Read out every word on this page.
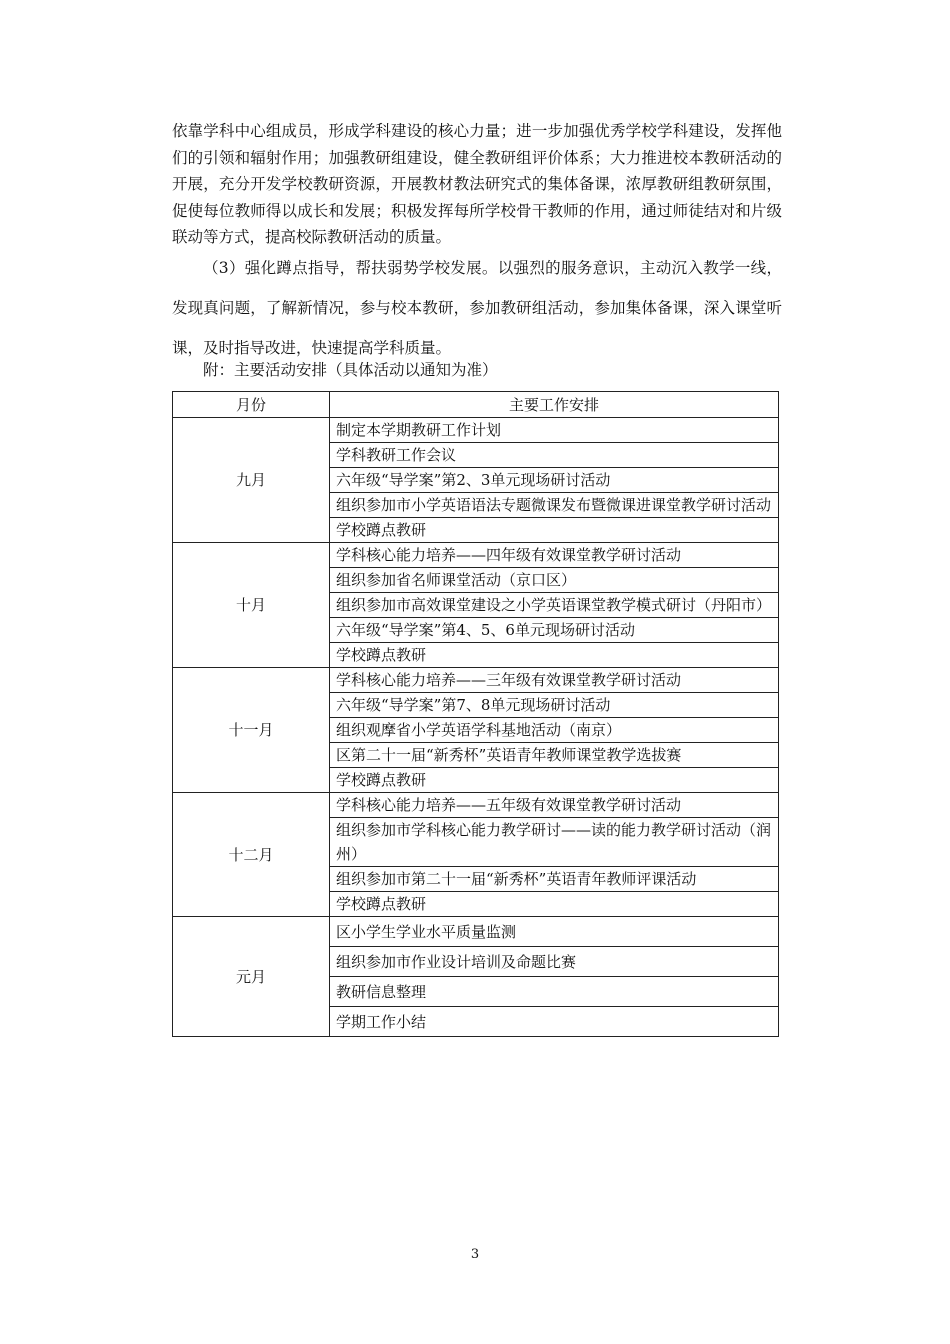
依靠学科中心组成员，形成学科建设的核心力量；进一步加强优秀学校学科建设，发挥他们的引领和辐射作用；加强教研组建设，健全教研组评价体系；大力推进校本教研活动的开展，充分开发学校教研资源，开展教材教法研究式的集体备课，浓厚教研组教研氛围，促使每位教师得以成长和发展；积极发挥每所学校骨干教师的作用，通过师徒结对和片级联动等方式，提高校际教研活动的质量。

（3）强化蹲点指导，帮扶弱势学校发展。以强烈的服务意识，主动沉入教学一线，发现真问题，了解新情况，参与校本教研，参加教研组活动，参加集体备课，深入课堂听课，及时指导改进，快速提高学科质量。

附：主要活动安排（具体活动以通知为准）
月份	主要工作安排
九月	制定本学期教研工作计划
	学科教研工作会议
	六年级“导学案”第2、3单元现场研讨活动
	组织参加市小学英语语法专题微课发布暨微课进课堂教学研讨活动
	学校蹲点教研
十月	学科核心能力培养——四年级有效课堂教学研讨活动
	组织参加省名师课堂活动（京口区）
	组织参加市高效课堂建设之小学英语课堂教学模式研讨（丹阳市）
	六年级“导学案”第4、5、6单元现场研讨活动
	学校蹲点教研
十一月	学科核心能力培养——三年级有效课堂教学研讨活动
	六年级“导学案”第7、8单元现场研讨活动
	组织观摩省小学英语学科基地活动（南京）
	区第二十一届“新秀杯”英语青年教师课堂教学选拔赛
	学校蹲点教研
十二月	学科核心能力培养——五年级有效课堂教学研讨活动
	组织参加市学科核心能力教学研讨——读的能力教学研讨活动（润州）
	组织参加市第二十一届“新秀杯”英语青年教师评课活动
	学校蹲点教研
元月	区小学生学业水平质量监测
	组织参加市作业设计培训及命题比赛
	教研信息整理
	学期工作小结
3
